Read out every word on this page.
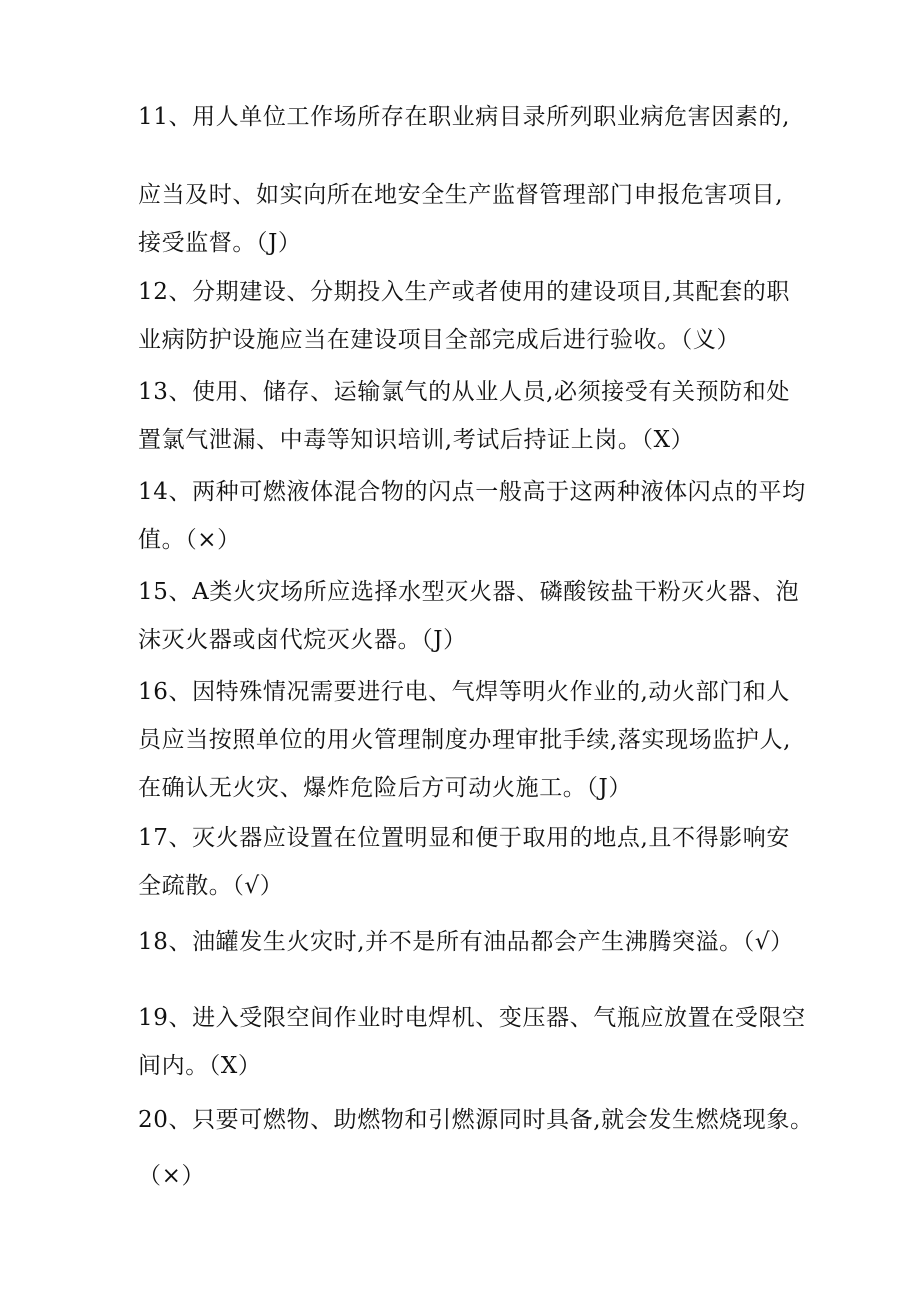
11、用人单位工作场所存在职业病目录所列职业病危害因素的,
应当及时、如实向所在地安全生产监督管理部门申报危害项目,
接受监督。（J）
12、分期建设、分期投入生产或者使用的建设项目,其配套的职
业病防护设施应当在建设项目全部完成后进行验收。（义）
13、使用、储存、运输氯气的从业人员,必须接受有关预防和处
置氯气泄漏、中毒等知识培训,考试后持证上岗。（X）
14、两种可燃液体混合物的闪点一般高于这两种液体闪点的平均
值。（×）
15、A类火灾场所应选择水型灭火器、磷酸铵盐干粉灭火器、泡
沫灭火器或卤代烷灭火器。（J）
16、因特殊情况需要进行电、气焊等明火作业的,动火部门和人
员应当按照单位的用火管理制度办理审批手续,落实现场监护人,
在确认无火灾、爆炸危险后方可动火施工。（J）
17、灭火器应设置在位置明显和便于取用的地点,且不得影响安
全疏散。（√）
18、油罐发生火灾时,并不是所有油品都会产生沸腾突溢。（√）
19、进入受限空间作业时电焊机、变压器、气瓶应放置在受限空
间内。（X）
20、只要可燃物、助燃物和引燃源同时具备,就会发生燃烧现象。
（×）
